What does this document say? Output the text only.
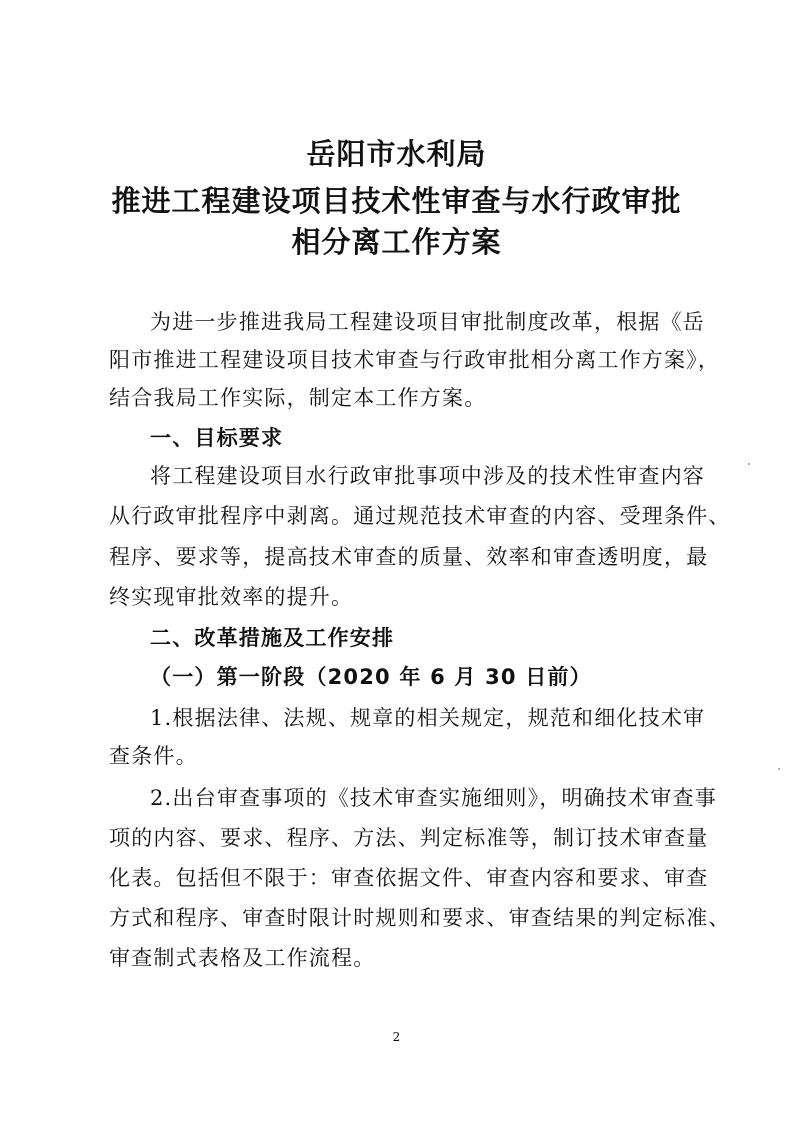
岳阳市水利局
推进工程建设项目技术性审查与水行政审批
相分离工作方案

为进一步推进我局工程建设项目审批制度改革，根据《岳

阳市推进工程建设项目技术审查与行政审批相分离工作方案》，

结合我局工作实际，制定本工作方案。

一、目标要求

将工程建设项目水行政审批事项中涉及的技术性审查内容

从行政审批程序中剥离。通过规范技术审查的内容、受理条件、

程序、要求等，提高技术审查的质量、效率和审查透明度，最

终实现审批效率的提升。

二、改革措施及工作安排

（一）第一阶段（2020 年 6 月 30 日前）

1.根据法律、法规、规章的相关规定，规范和细化技术审

查条件。

2.出台审查事项的《技术审查实施细则》，明确技术审查事

项的内容、要求、程序、方法、判定标准等，制订技术审查量

化表。包括但不限于：审查依据文件、审查内容和要求、审查

方式和程序、审查时限计时规则和要求、审查结果的判定标准、

审查制式表格及工作流程。

2
